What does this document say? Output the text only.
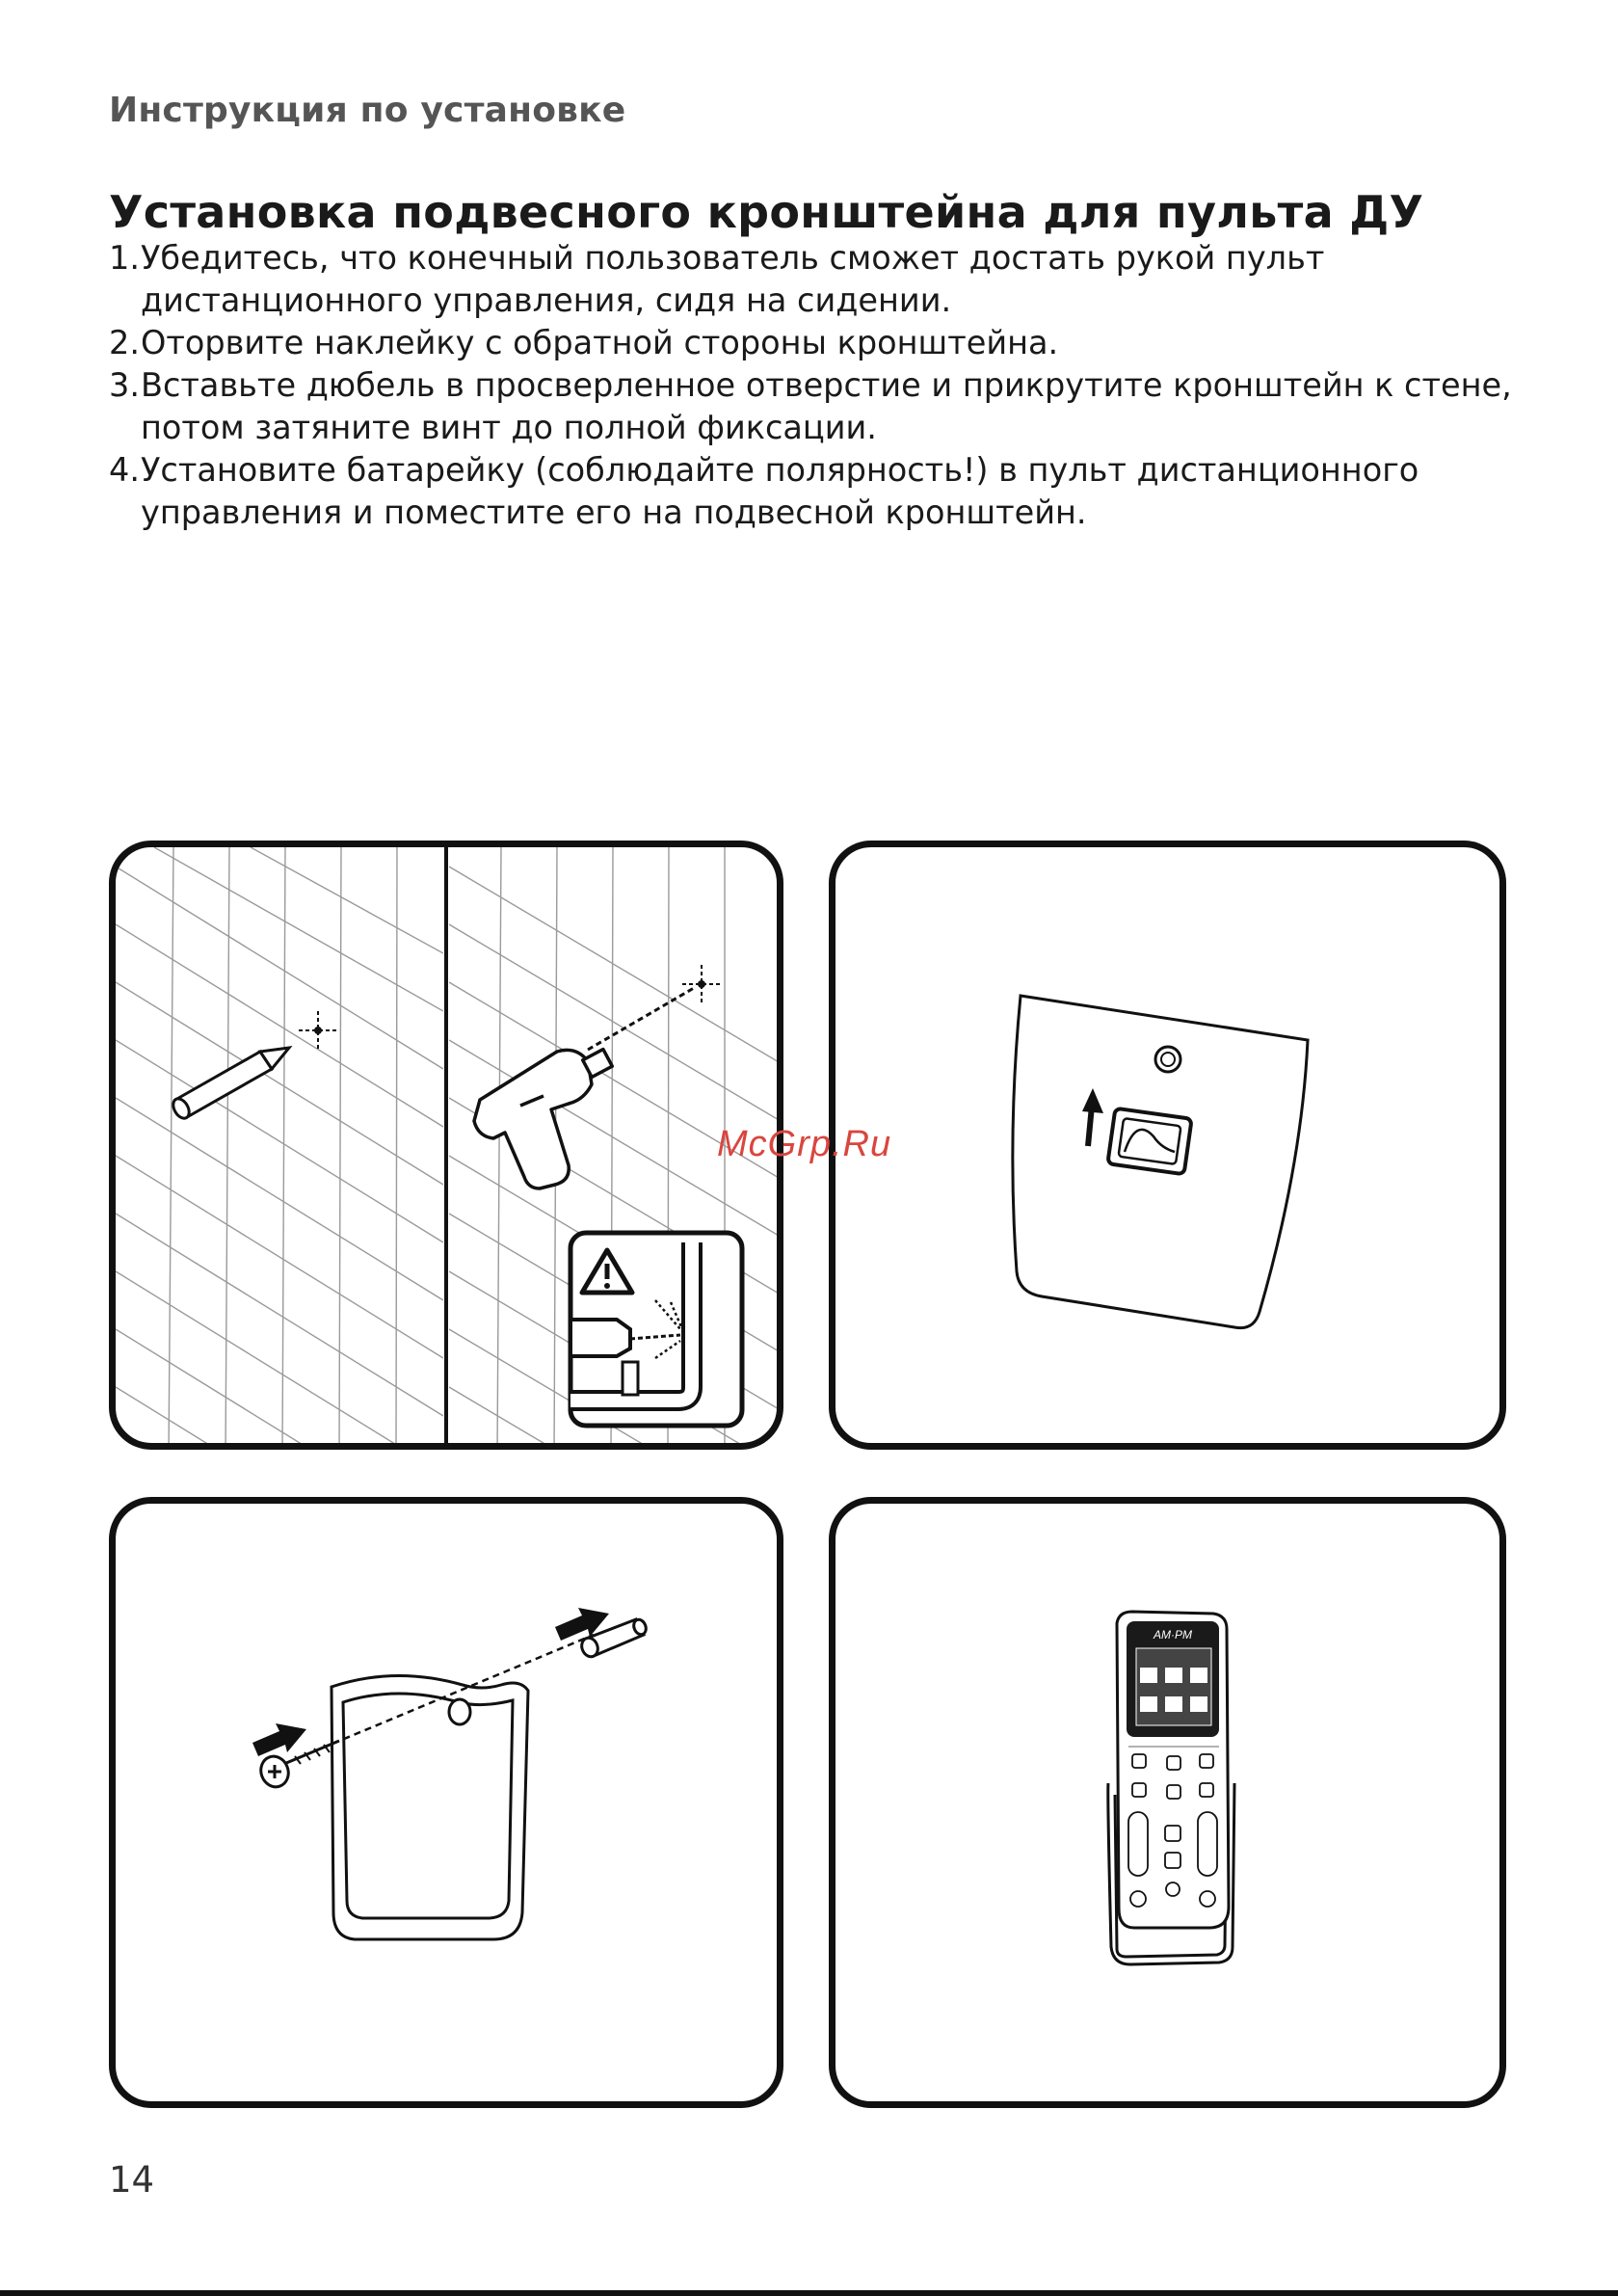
Инструкция по установке
Установка подвесного кронштейна для пульта ДУ
1. Убедитесь, что конечный пользователь сможет достать рукой пульт
дистанционного управления, сидя на сидении.
2. Оторвите наклейку с обратной стороны кронштейна.
3. Вставьте дюбель в просверленное отверстие и прикрутите кронштейн к стене,
потом затяните винт до полной фиксации.
4. Установите батарейку (соблюдайте полярность!) в пульт дистанционного
управления и поместите его на подвесной кронштейн.
AM·PM
McGrp.Ru
14
